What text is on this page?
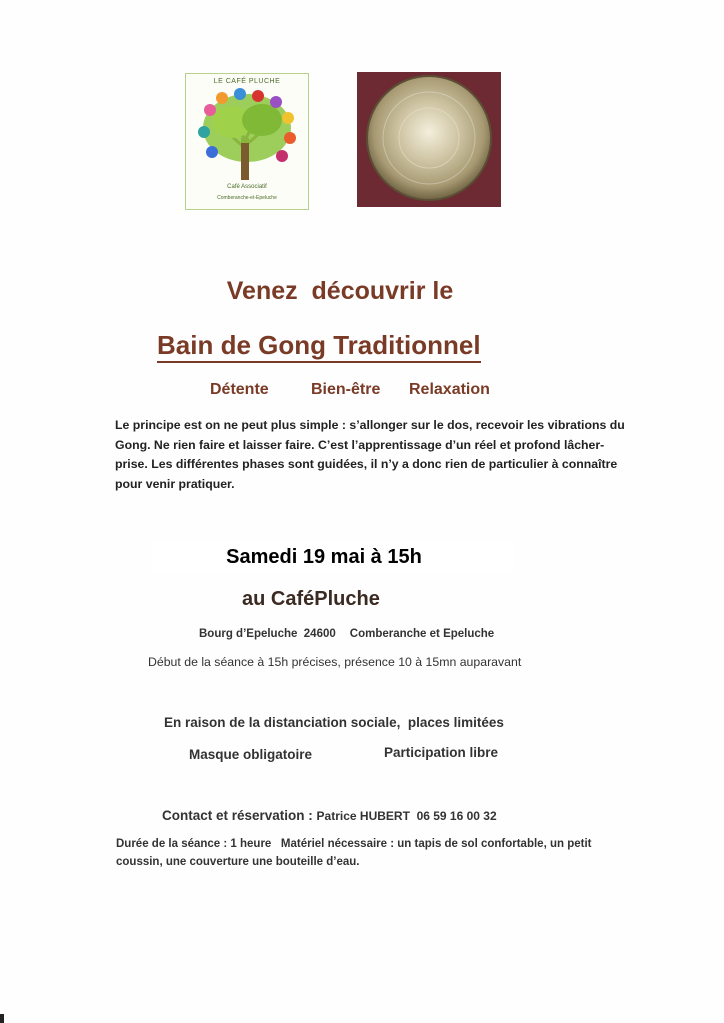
LE CAFÉ PLUCHE
Café Associatif
Comberanche-et-Epeluche
Venez  découvrir le
Bain de Gong Traditionnel
Détente	Bien-être Relaxation
Le principe est on ne peut plus simple : s’allonger sur le dos, recevoir les vibrations du Gong. Ne rien faire et laisser faire. C’est l’apprentissage d’un réel et profond lâcher-prise. Les différentes phases sont guidées, il n’y a donc rien de particulier à connaître pour venir pratiquer.
Samedi 19 mai à 15h
au CaféPluche
Bourg d’Epeluche  24600 Comberanche et Epeluche
Début de la séance à 15h précises, présence 10 à 15mn auparavant
En raison de la distanciation sociale,  places limitées
Masque obligatoire	Participation libre
Contact et réservation : Patrice HUBERT  06 59 16 00 32
Durée de la séance : 1 heure   Matériel nécessaire : un tapis de sol confortable, un petit coussin, une couverture une bouteille d’eau.
